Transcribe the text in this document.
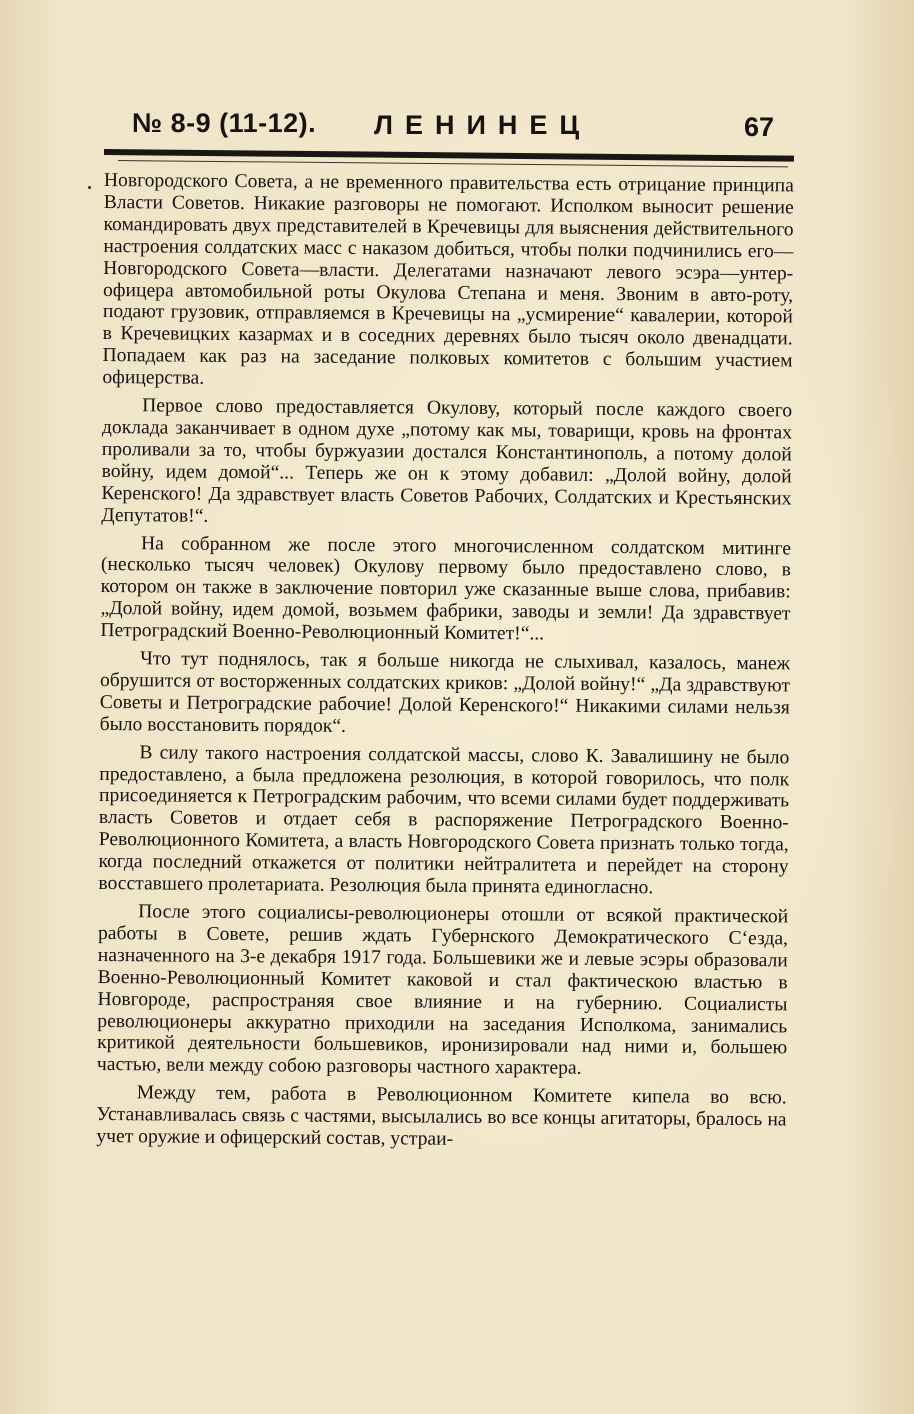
№ 8-9 (11-12). ЛЕНИНЕЦ	67

Новгородского Совета, а не временного правительства есть отрицание принципа Власти Советов. Никакие разговоры не помогают. Исполком выносит решение командировать двух представителей в Кречевицы для выяснения действительного настроения солдатских масс с наказом добиться, чтобы полки подчинились его— Новгородского Совета—власти. Делегатами назначают левого эсэра—унтер-офицера автомобильной роты Окулова Степана и меня. Звоним в авто-роту, подают грузовик, отправляемся в Кречевицы на „усмирение“ кавалерии, которой в Кречевицких казармах и в соседних деревнях было тысяч около двенадцати. Попадаем как раз на заседание полковых комитетов с большим участием офицерства.

Первое слово предоставляется Окулову, который после каждого своего доклада заканчивает в одном духе „потому как мы, товарищи, кровь на фронтах проливали за то, чтобы буржуазии достался Константинополь, а потому долой войну, идем домой“... Теперь же он к этому добавил: „Долой войну, долой Керенского! Да здравствует власть Советов Рабочих, Солдатских и Крестьянских Депутатов!“.

На собранном же после этого многочисленном солдатском митинге (несколько тысяч человек) Окулову первому было предоставлено слово, в котором он также в заключение повторил уже сказанные выше слова, прибавив: „Долой войну, идем домой, возьмем фабрики, заводы и земли! Да здравствует Петроградский Военно-Революционный Комитет!“...

Что тут поднялось, так я больше никогда не слыхивал, казалось, манеж обрушится от восторженных солдатских криков: „Долой войну!“ „Да здравствуют Советы и Петроградские рабочие! Долой Керенского!“ Никакими силами нельзя было восстановить порядок“.

В силу такого настроения солдатской массы, слово К. Завалишину не было предоставлено, а была предложена резолюция, в которой говорилось, что полк присоединяется к Петроградским рабочим, что всеми силами будет поддерживать власть Советов и отдает себя в распоряжение Петроградского Военно-Революционного Комитета, а власть Новгородского Совета признать только тогда, когда последний откажется от политики нейтралитета и перейдет на сторону восставшего пролетариата. Резолюция была принята единогласно.

После этого социалисы-революционеры отошли от всякой практической работы в Совете, решив ждать Губернского Демократического С‘езда, назначенного на 3-е декабря 1917 года. Большевики же и левые эсэры образовали Военно-Революционный Комитет каковой и стал фактическою властью в Новгороде, распространяя свое влияние и на губернию. Социалисты революционеры аккуратно приходили на заседания Исполкома, занимались критикой деятельности большевиков, иронизировали над ними и, большею частью, вели между собою разговоры частного характера.

Между тем, работа в Революционном Комитете кипела во всю. Устанавливалась связь с частями, высылались во все концы агитаторы, бралось на учет оружие и офицерский состав, устраи-
